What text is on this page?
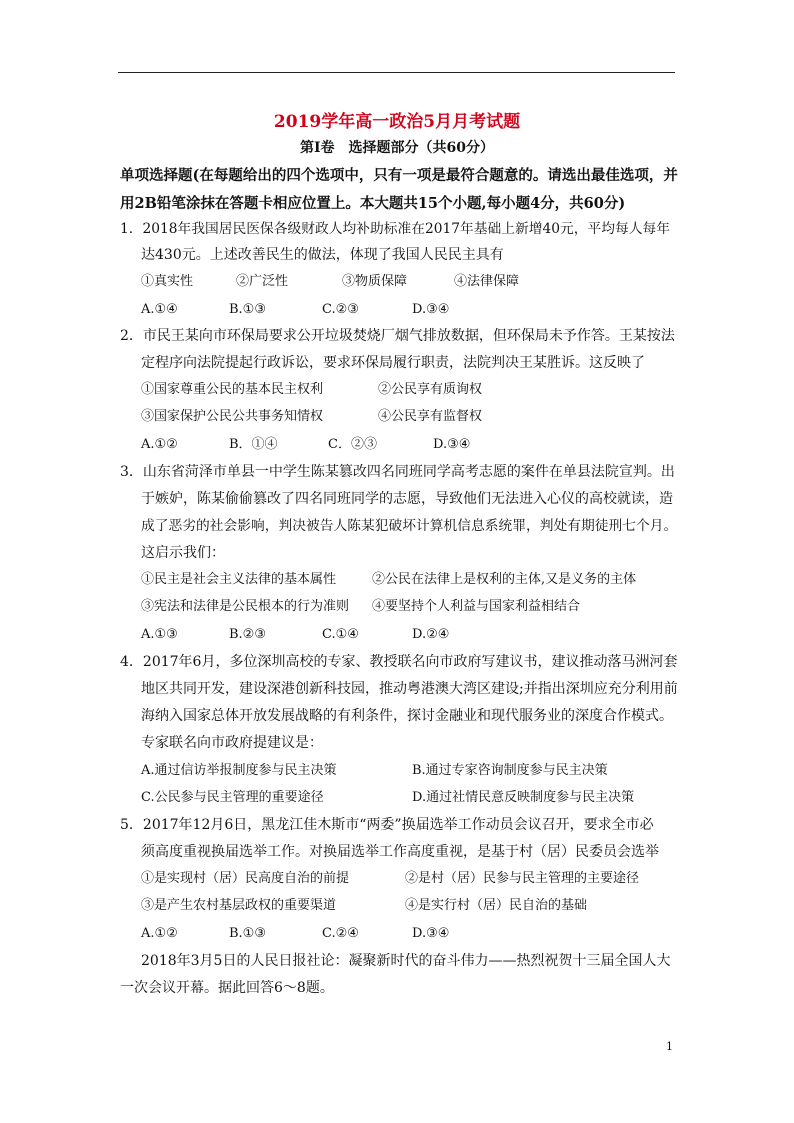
2019学年高一政治5月月考试题
第Ⅰ卷　选择题部分（共60分）
单项选择题(在每题给出的四个选项中，只有一项是最符合题意的。请选出最佳选项，并用2B铅笔涂抹在答题卡相应位置上。本大题共15个小题,每小题4分，共60分)
1．2018年我国居民医保各级财政人均补助标准在2017年基础上新增40元，平均每人每年
达430元。上述改善民生的做法，体现了我国人民民主具有
①真实性	②广泛性	③物质保障	④法律保障
A.①④	B.①③	C.②③	D.③④
2．市民王某向市环保局要求公开垃圾焚烧厂烟气排放数据，但环保局未予作答。王某按法
定程序向法院提起行政诉讼，要求环保局履行职责，法院判决王某胜诉。这反映了
①国家尊重公民的基本民主权利	②公民享有质询权
③国家保护公民公共事务知情权	④公民享有监督权
A.①②	B．①④	C．②③	D.③④
3．山东省菏泽市单县一中学生陈某篡改四名同班同学高考志愿的案件在单县法院宣判。出
于嫉妒，陈某偷偷篡改了四名同班同学的志愿，导致他们无法进入心仪的高校就读，造
成了恶劣的社会影响，判决被告人陈某犯破坏计算机信息系统罪，判处有期徒刑七个月。
这启示我们：
①民主是社会主义法律的基本属性	②公民在法律上是权利的主体,又是义务的主体
③宪法和法律是公民根本的行为准则 ④要坚持个人利益与国家利益相结合
A.①③	B.②③	C.①④	D.②④
4．2017年6月，多位深圳高校的专家、教授联名向市政府写建议书，建议推动落马洲河套
地区共同开发，建设深港创新科技园，推动粤港澳大湾区建设;并指出深圳应充分利用前
海纳入国家总体开放发展战略的有利条件，探讨金融业和现代服务业的深度合作模式。
专家联名向市政府提建议是：
A.通过信访举报制度参与民主决策	B.通过专家咨询制度参与民主决策
C.公民参与民主管理的重要途径	D.通过社情民意反映制度参与民主决策
5．2017年12月6日，黑龙江佳木斯市“两委”换届选举工作动员会议召开，要求全市必
须高度重视换届选举工作。对换届选举工作高度重视，是基于村（居）民委员会选举
①是实现村（居）民高度自治的前提	②是村（居）民参与民主管理的主要途径
③是产生农村基层政权的重要渠道	④是实行村（居）民自治的基础
A.①②	B.①③	C.②④	D.③④
2018年3月5日的人民日报社论：凝聚新时代的奋斗伟力——热烈祝贺十三届全国人大
一次会议开幕。据此回答6～8题。
1
